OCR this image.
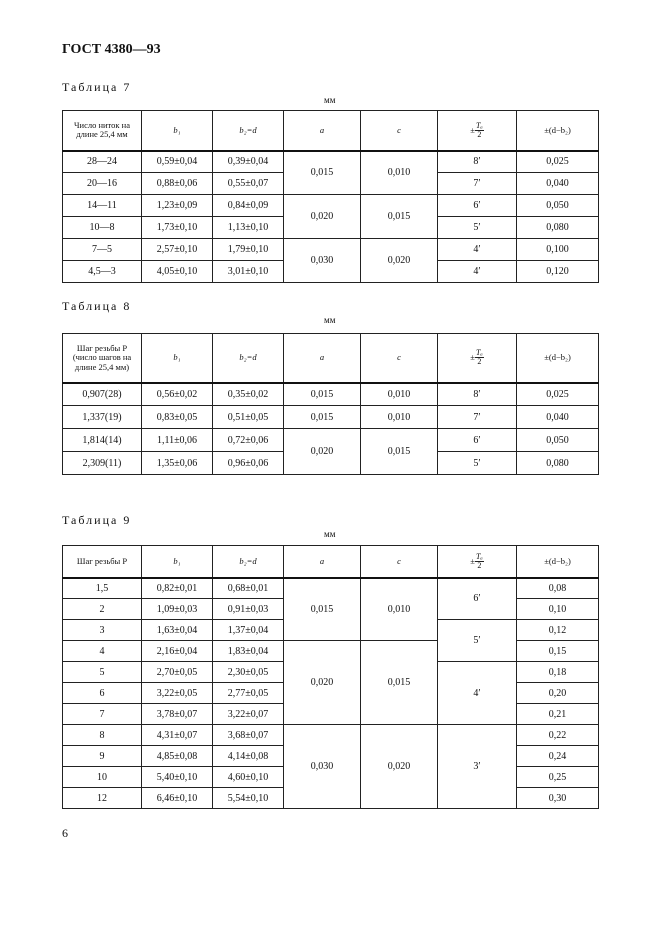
ГОСТ 4380—93
Таблица 7
мм
Число ниток на длине 25,4 мм	b₁	b₂=d	a	c	± $\frac{\text{Tₐ}}{2}$	±(d−b₂)
28—24	0,59±0,04	0,39±0,04	0,015	0,010	8′	0,025
20—16	0,88±0,06	0,55±0,07			7′	0,040
14—11	1,23±0,09	0,84±0,09	0,020	0,015	6′	0,050
10—8	1,73±0,10	1,13±0,10			5′	0,080
7—5	2,57±0,10	1,79±0,10	0,030	0,020	4′	0,100
4,5—3	4,05±0,10	3,01±0,10			4′	0,120
Таблица 8
мм
Шаг резьбы P (число шагов на длине 25,4 мм)	b₁	b₂=d	a	c	± $\frac{\text{Tₐ}}{2}$	±(d−b₂)
0,907(28)	0,56±0,02	0,35±0,02	0,015	0,010	8′	0,025
1,337(19)	0,83±0,05	0,51±0,05	0,015	0,010	7′	0,040
1,814(14)	1,11±0,06	0,72±0,06	0,020	0,015	6′	0,050
2,309(11)	1,35±0,06	0,96±0,06			5′	0,080
Таблица 9
мм
Шаг резьбы P	b₁	b₂=d	a	c	± $\frac{\text{Tₐ}}{2}$	±(d−b₂)
1,5	0,82±0,01	0,68±0,01	0,015	0,010	6′	0,08
2	1,09±0,03	0,91±0,03				0,10
3	1,63±0,04	1,37±0,04			5′	0,12
4	2,16±0,04	1,83±0,04	0,020	0,015		0,15
5	2,70±0,05	2,30±0,05			4′	0,18
6	3,22±0,05	2,77±0,05				0,20
7	3,78±0,07	3,22±0,07				0,21
8	4,31±0,07	3,68±0,07	0,030	0,020	3′	0,22
9	4,85±0,08	4,14±0,08				0,24
10	5,40±0,10	4,60±0,10				0,25
12	6,46±0,10	5,54±0,10				0,30
6
